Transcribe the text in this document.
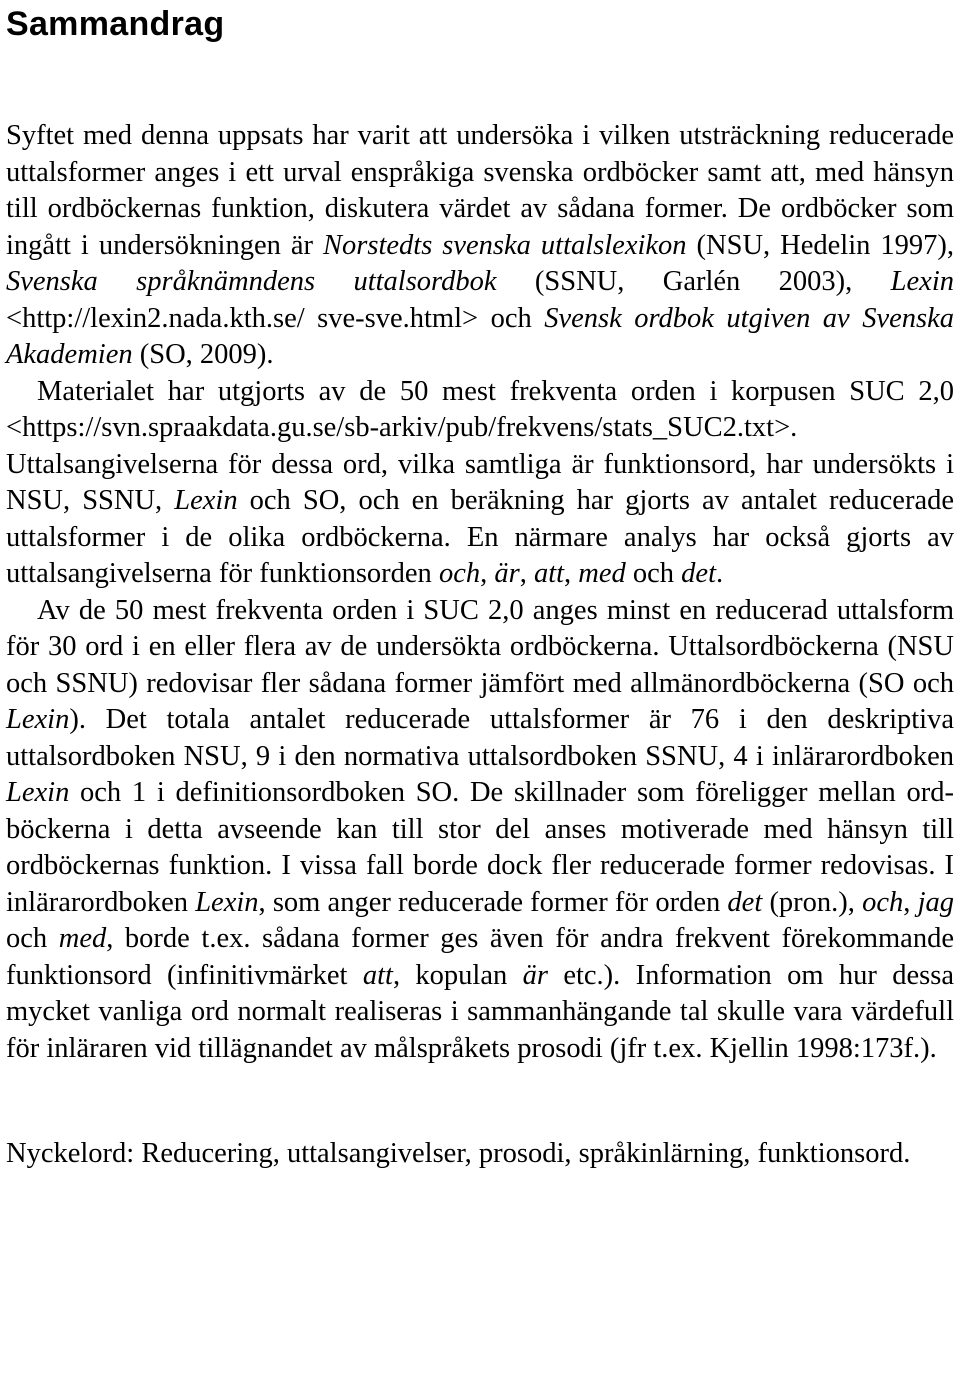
Sammandrag

Syftet med denna uppsats har varit att undersöka i vilken utsträckning reducerade uttalsformer anges i ett urval enspråkiga svenska ordböcker samt att, med hänsyn till ordböckernas funktion, diskutera värdet av sådana former. De ordböcker som ingått i undersökningen är Norstedts svenska uttalslexikon (NSU, Hedelin 1997), Svenska språknämndens uttalsordbok (SSNU, Garlén 2003), Lexin <http://lexin2.nada.kth.se/ sve-sve.html> och Svensk ordbok utgiven av Svenska Akademien (SO, 2009).

Materialet har utgjorts av de 50 mest frekventa orden i korpusen SUC 2,0 <https://svn.spraakdata.gu.se/sb-arkiv/pub/frekvens/stats_SUC2.txt>. Uttalsangivelserna för dessa ord, vilka samtliga är funktionsord, har undersökts i NSU, SSNU, Lexin och SO, och en beräkning har gjorts av antalet reducerade uttalsformer i de olika ordböckerna. En närmare analys har också gjorts av uttalsangivelserna för funktionsorden och, är, att, med och det.

Av de 50 mest frekventa orden i SUC 2,0 anges minst en reducerad uttalsform för 30 ord i en eller flera av de undersökta ordböckerna. Uttalsordböckerna (NSU och SSNU) redovisar fler sådana former jämfört med allmänordböckerna (SO och Lexin). Det totala antalet reducerade uttalsformer är 76 i den deskriptiva uttalsordboken NSU, 9 i den normativa uttalsordboken SSNU, 4 i inlärarordboken Lexin och 1 i definitionsordboken SO. De skillnader som föreligger mellan ordböckerna i detta avseende kan till stor del anses motiverade med hänsyn till ordböckernas funktion. I vissa fall borde dock fler reducerade former redovisas. I inlärarordboken Lexin, som anger reducerade former för orden det (pron.), och, jag och med, borde t.ex. sådana former ges även för andra frekvent förekommande funktionsord (infinitivmärket att, kopulan är etc.). Information om hur dessa mycket vanliga ord normalt realiseras i sammanhängande tal skulle vara värdefull för inläraren vid tillägnandet av målspråkets prosodi (jfr t.ex. Kjellin 1998:173f.).

Nyckelord: Reducering, uttalsangivelser, prosodi, språkinlärning, funktionsord.
